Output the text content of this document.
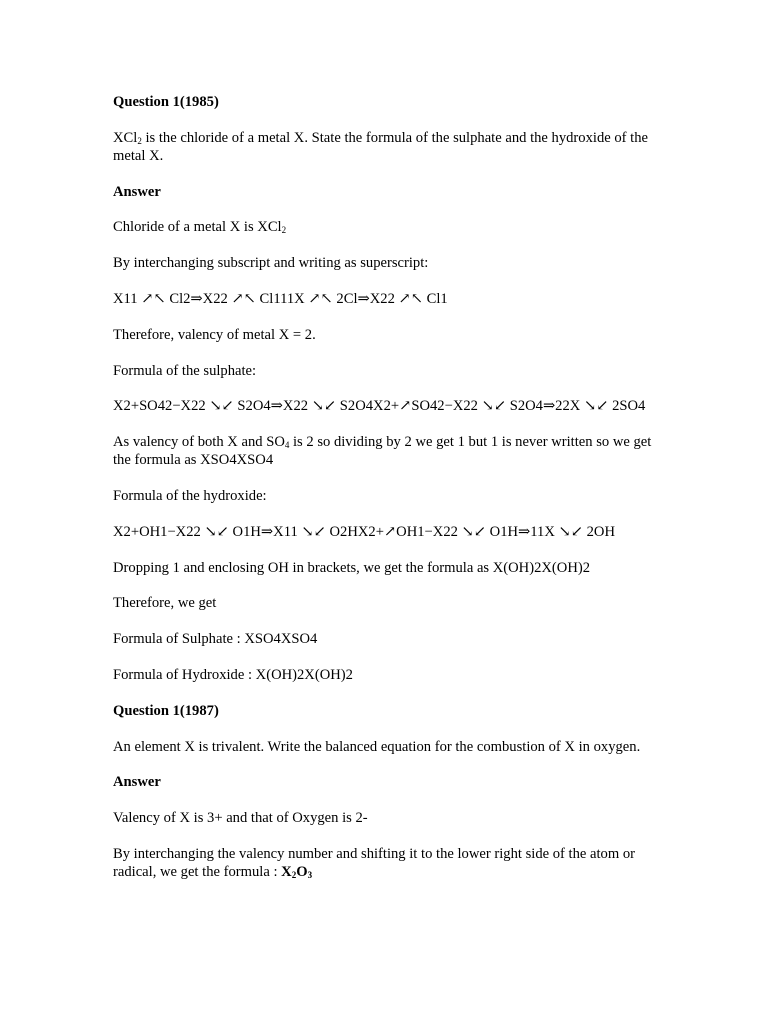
Question 1(1985)

XCl$_2$ is the chloride of a metal X. State the formula of the sulphate and the hydroxide of the metal X.

Answer

Chloride of a metal X is XCl$_2$

By interchanging subscript and writing as superscript:

X11 ↗↖ Cl2⇒X22 ↗↖ Cl111X ↗↖ 2Cl⇒X22 ↗↖ Cl1

Therefore, valency of metal X = 2.

Formula of the sulphate:

X2+SO42−X22 ↘↙ S2O4⇒X22 ↘↙ S2O4X2+↗SO42−X22 ↘↙ S2O4⇒22X ↘↙ 2SO4

As valency of both X and $SO_4$ is 2 so dividing by 2 we get 1 but 1 is never written so we get the formula as XSO4XSO4

Formula of the hydroxide:

X2+OH1−X22 ↘↙ O1H⇒X11 ↘↙ O2HX2+↗OH1−X22 ↘↙ O1H⇒11X ↘↙ 2OH

Dropping 1 and enclosing OH in brackets, we get the formula as X(OH)2X(OH)2

Therefore, we get

Formula of Sulphate : XSO4XSO4

Formula of Hydroxide : X(OH)2X(OH)2

Question 1(1987)

An element X is trivalent. Write the balanced equation for the combustion of X in oxygen.

Answer

Valency of X is 3+ and that of Oxygen is 2-

By interchanging the valency number and shifting it to the lower right side of the atom or radical, we get the formula : $X_2O_3$
